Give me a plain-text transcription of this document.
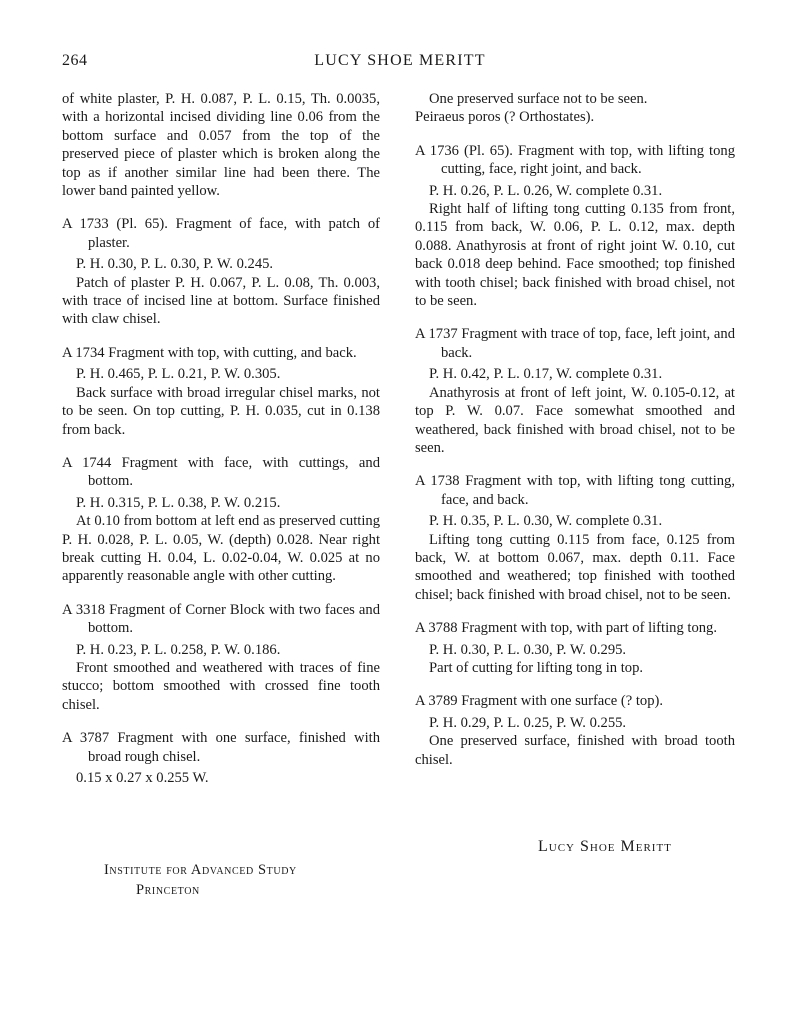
264	LUCY SHOE MERITT

of white plaster, P. H. 0.087, P. L. 0.15, Th. 0.0035, with a horizontal incised dividing line 0.06 from the bottom surface and 0.057 from the top of the preserved piece of plaster which is broken along the top as if another similar line had been there. The lower band painted yellow.

A 1733 (Pl. 65). Fragment of face, with patch of plaster.

P. H. 0.30, P. L. 0.30, P. W. 0.245.

Patch of plaster P. H. 0.067, P. L. 0.08, Th. 0.003, with trace of incised line at bottom. Surface finished with claw chisel.

A 1734 Fragment with top, with cutting, and back.

P. H. 0.465, P. L. 0.21, P. W. 0.305.

Back surface with broad irregular chisel marks, not to be seen. On top cutting, P. H. 0.035, cut in 0.138 from back.

A 1744 Fragment with face, with cuttings, and bottom.

P. H. 0.315, P. L. 0.38, P. W. 0.215.

At 0.10 from bottom at left end as preserved cutting P. H. 0.028, P. L. 0.05, W. (depth) 0.028. Near right break cutting H. 0.04, L. 0.02-0.04, W. 0.025 at no apparently reasonable angle with other cutting.

A 3318 Fragment of Corner Block with two faces and bottom.

P. H. 0.23, P. L. 0.258, P. W. 0.186.

Front smoothed and weathered with traces of fine stucco; bottom smoothed with crossed fine tooth chisel.

A 3787 Fragment with one surface, finished with broad rough chisel.

0.15 x 0.27 x 0.255 W.

One preserved surface not to be seen.

Peiraeus poros (? Orthostates).

A 1736 (Pl. 65). Fragment with top, with lifting tong cutting, face, right joint, and back.

P. H. 0.26, P. L. 0.26, W. complete 0.31.

Right half of lifting tong cutting 0.135 from front, 0.115 from back, W. 0.06, P. L. 0.12, max. depth 0.088. Anathyrosis at front of right joint W. 0.10, cut back 0.018 deep behind. Face smoothed; top finished with tooth chisel; back finished with broad chisel, not to be seen.

A 1737 Fragment with trace of top, face, left joint, and back.

P. H. 0.42, P. L. 0.17, W. complete 0.31.

Anathyrosis at front of left joint, W. 0.105-0.12, at top P. W. 0.07. Face somewhat smoothed and weathered, back finished with broad chisel, not to be seen.

A 1738 Fragment with top, with lifting tong cutting, face, and back.

P. H. 0.35, P. L. 0.30, W. complete 0.31.

Lifting tong cutting 0.115 from face, 0.125 from back, W. at bottom 0.067, max. depth 0.11. Face smoothed and weathered; top finished with toothed chisel; back finished with broad chisel, not to be seen.

A 3788 Fragment with top, with part of lifting tong.

P. H. 0.30, P. L. 0.30, P. W. 0.295.

Part of cutting for lifting tong in top.

A 3789 Fragment with one surface (? top).

P. H. 0.29, P. L. 0.25, P. W. 0.255.

One preserved surface, finished with broad tooth chisel.

Lucy Shoe Meritt
Institute for Advanced Study
Princeton
